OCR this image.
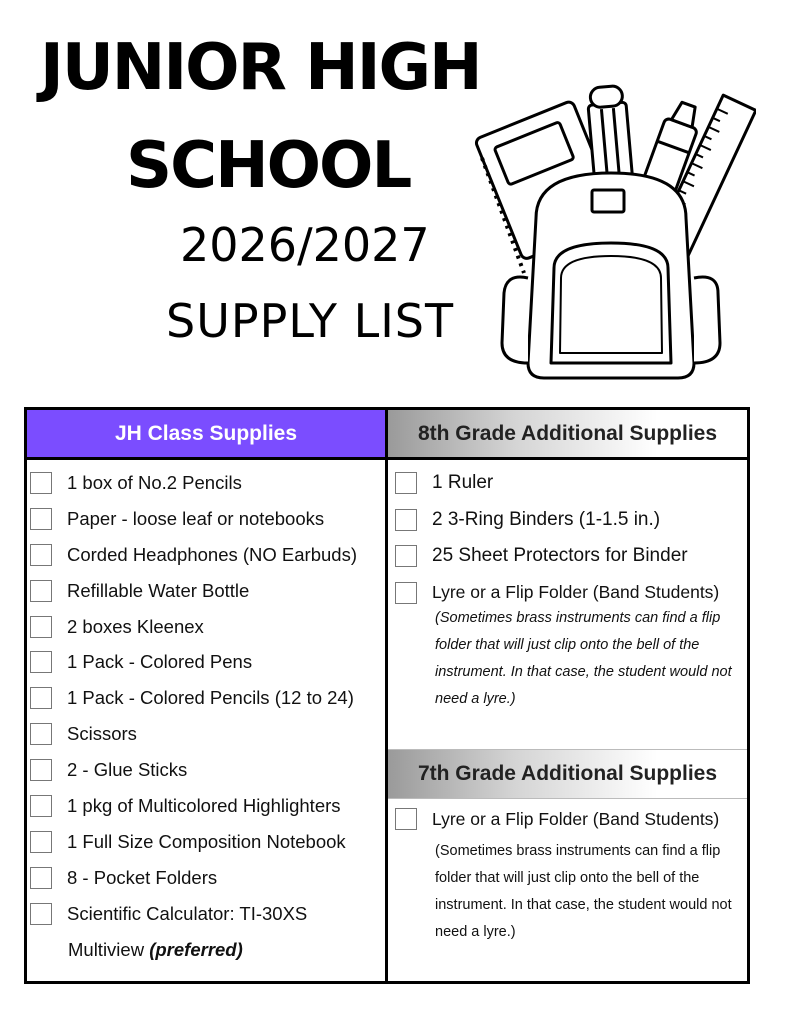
JUNIOR HIGH
SCHOOL
2026/2027
SUPPLY LIST
JH Class Supplies	8th Grade Additional Supplies
7th Grade Additional Supplies
1 box of No.2 Pencils
Paper - loose leaf or notebooks
Corded Headphones (NO Earbuds)
Refillable Water Bottle
2 boxes Kleenex
1 Pack - Colored Pens
1 Pack - Colored Pencils (12 to 24)
Scissors
2 - Glue Sticks
1 pkg of Multicolored Highlighters
1 Full Size Composition Notebook
8 - Pocket Folders
Scientific Calculator: TI-30XS
Multiview
(preferred)
1 Ruler
2 3-Ring Binders (1-1.5 in.)
25 Sheet Protectors for Binder
Lyre or a Flip Folder (Band Students)
(Sometimes brass instruments can find a flip folder that will just clip onto the bell of the instrument. In that case, the student would not need a lyre.)
Lyre or a Flip Folder (Band Students)
(Sometimes brass instruments can find a flip folder that will just clip onto the bell of the instrument. In that case, the student would not need a lyre.)
